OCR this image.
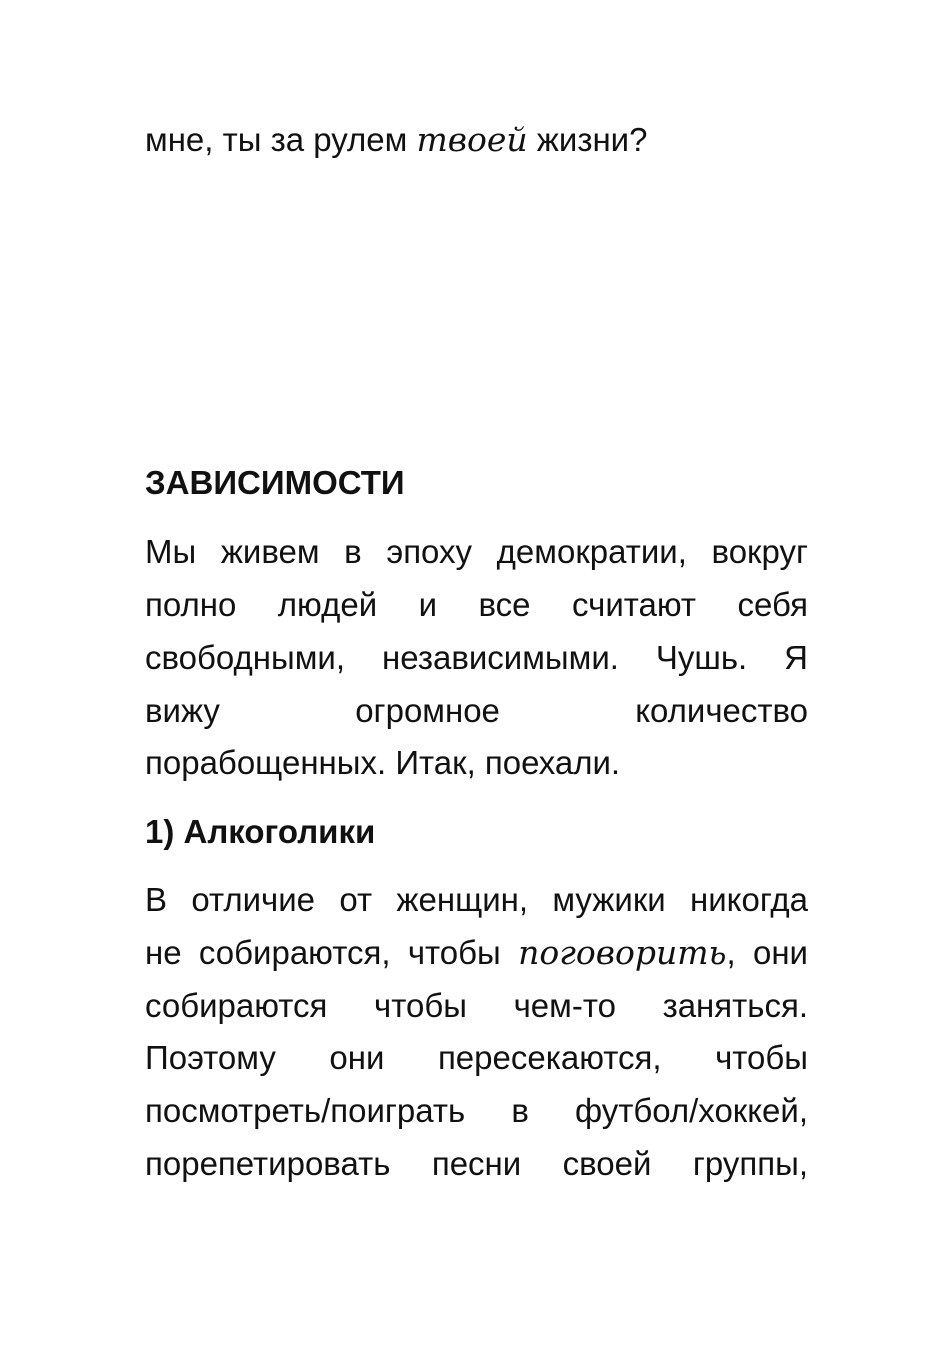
мне, ты за рулем твоей жизни?

ЗАВИСИМОСТИ

Мы живем в эпоху демократии, вокруг

полно людей и все считают себя

свободными, независимыми. Чушь. Я

вижу огромное количество

порабощенных. Итак, поехали.

1) Алкоголики

В отличие от женщин, мужики никогда

не собираются, чтобы поговорить, они

собираются чтобы чем-то заняться.

Поэтому они пересекаются, чтобы

посмотреть/поиграть в футбол/хоккей,

порепетировать песни своей группы,
